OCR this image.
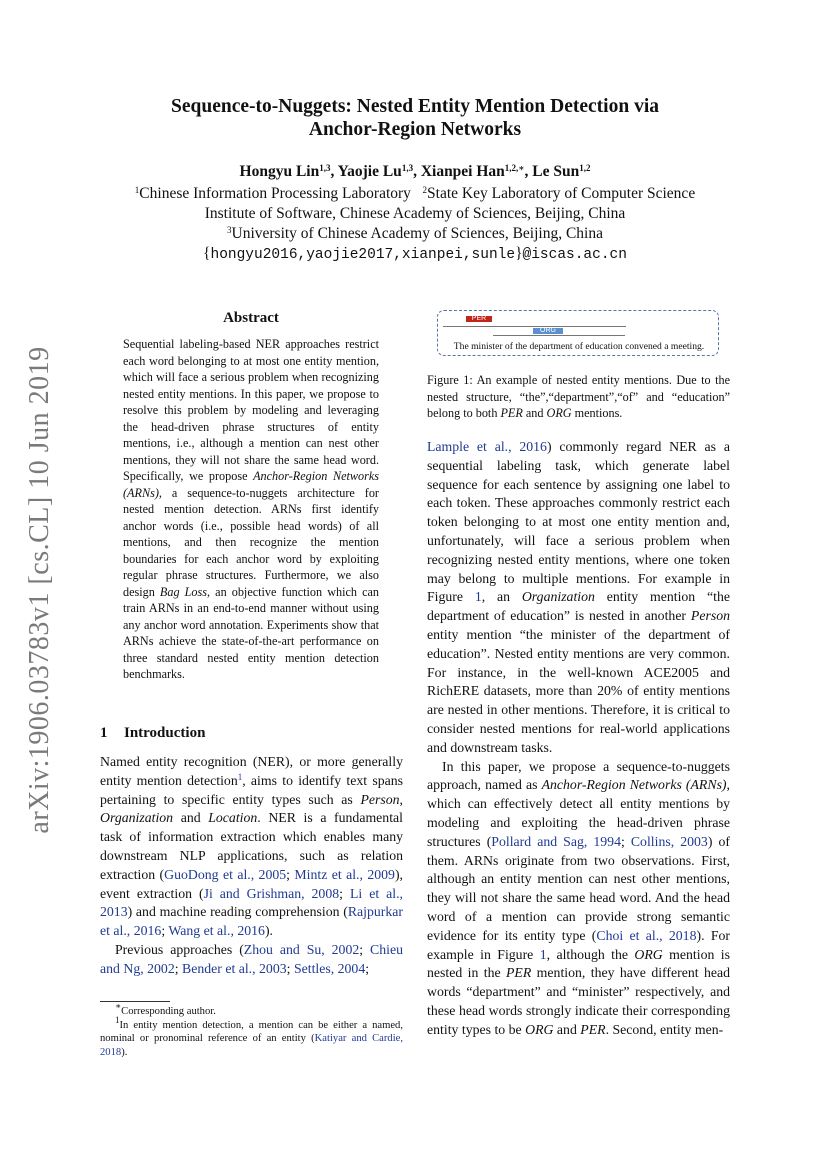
arXiv:1906.03783v1 [cs.CL] 10 Jun 2019
Sequence-to-Nuggets: Nested Entity Mention Detection via
Anchor-Region Networks
Hongyu Lin$^{1,3}$, Yaojie Lu$^{1,3}$, Xianpei Han$^{1,2,∗}$, Le Sun$^{1,2}$
$^1$Chinese Information Processing Laboratory $^2$State Key Laboratory of Computer Science
Institute of Software, Chinese Academy of Sciences, Beijing, China
$^3$University of Chinese Academy of Sciences, Beijing, China
{hongyu2016,yaojie2017,xianpei,sunle}@iscas.ac.cn
Abstract
Sequential labeling-based NER approaches restrict each word belonging to at most one entity mention, which will face a serious problem when recognizing nested entity mentions. In this paper, we propose to resolve this problem by modeling and leveraging the head-driven phrase structures of entity mentions, i.e., although a mention can nest other mentions, they will not share the same head word. Specifically, we propose Anchor-Region Networks (ARNs), a sequence-to-nuggets architecture for nested mention detection. ARNs first identify anchor words (i.e., possible head words) of all mentions, and then recognize the mention boundaries for each anchor word by exploiting regular phrase structures. Furthermore, we also design Bag Loss, an objective function which can train ARNs in an end-to-end manner without using any anchor word annotation. Experiments show that ARNs achieve the state-of-the-art performance on three standard nested entity mention detection benchmarks.
1 Introduction

Named entity recognition (NER), or more generally entity mention detection$^1$, aims to identify text spans pertaining to specific entity types such as Person, Organization and Location. NER is a fundamental task of information extraction which enables many downstream NLP applications, such as relation extraction (GuoDong et al., 2005; Mintz et al., 2009), event extraction (Ji and Grishman, 2008; Li et al., 2013) and machine reading comprehension (Rajpurkar et al., 2016; Wang et al., 2016).

Previous approaches (Zhou and Su, 2002; Chieu and Ng, 2002; Bender et al., 2003; Settles, 2004;

∗Corresponding author.
$^1$In entity mention detection, a mention can be either a named, nominal or pronominal reference of an entity (Katiyar and Cardie, 2018).
PER
ORG
The minister of the department of education convened a meeting.
Figure 1: An example of nested entity mentions. Due to the nested structure, “the”,“department”,“of” and “education” belong to both PER and ORG mentions.

Lample et al., 2016) commonly regard NER as a sequential labeling task, which generate label sequence for each sentence by assigning one label to each token. These approaches commonly restrict each token belonging to at most one entity mention and, unfortunately, will face a serious problem when recognizing nested entity mentions, where one token may belong to multiple mentions. For example in Figure 1, an Organization entity mention “the department of education” is nested in another Person entity mention “the minister of the department of education”. Nested entity mentions are very common. For instance, in the well-known ACE2005 and RichERE datasets, more than 20% of entity mentions are nested in other mentions. Therefore, it is critical to consider nested mentions for real-world applications and downstream tasks.

In this paper, we propose a sequence-to-nuggets approach, named as Anchor-Region Networks (ARNs), which can effectively detect all entity mentions by modeling and exploiting the head-driven phrase structures (Pollard and Sag, 1994; Collins, 2003) of them. ARNs originate from two observations. First, although an entity mention can nest other mentions, they will not share the same head word. And the head word of a mention can provide strong semantic evidence for its entity type (Choi et al., 2018). For example in Figure 1, although the ORG mention is nested in the PER mention, they have different head words “department” and “minister” respectively, and these head words strongly indicate their corresponding entity types to be ORG and PER. Second, entity men-
